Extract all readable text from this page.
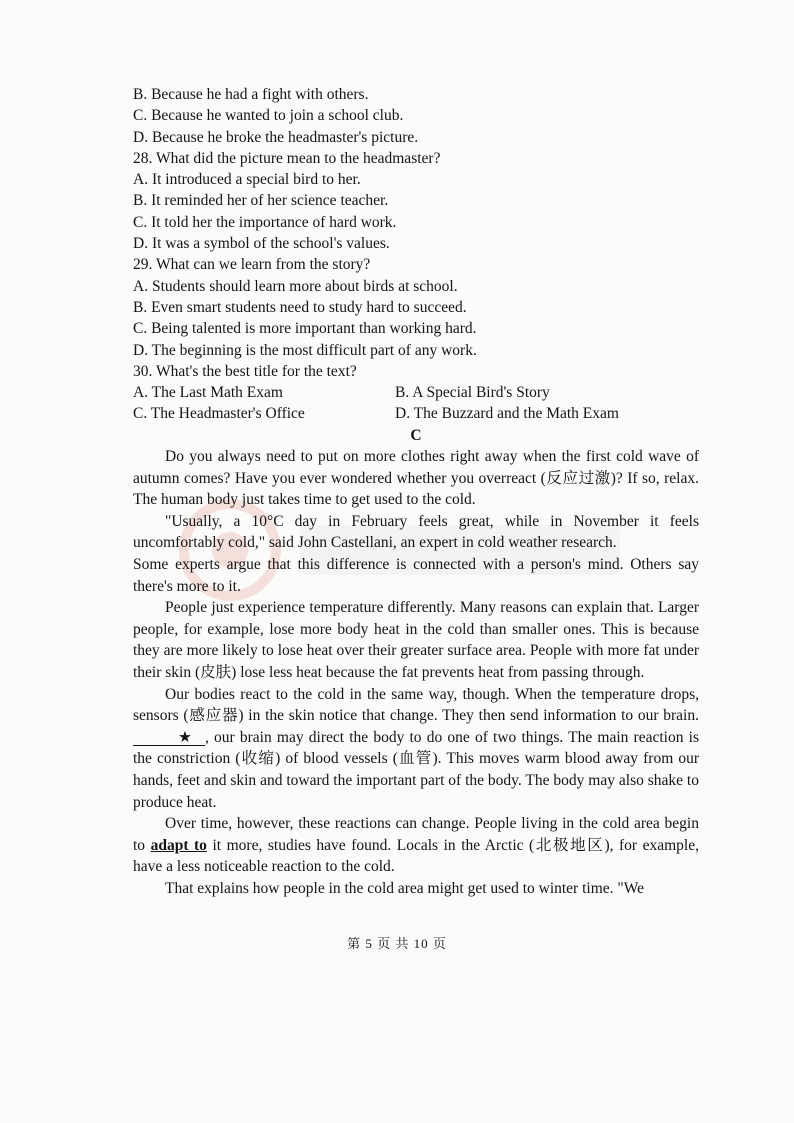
B. Because he had a fight with others.
C. Because he wanted to join a school club.
D. Because he broke the headmaster's picture.
28. What did the picture mean to the headmaster?
A. It introduced a special bird to her.
B. It reminded her of her science teacher.
C. It told her the importance of hard work.
D. It was a symbol of the school's values.
29. What can we learn from the story?
A. Students should learn more about birds at school.
B. Even smart students need to study hard to succeed.
C. Being talented is more important than working hard.
D. The beginning is the most difficult part of any work.
30. What's the best title for the text?
A. The Last Math Exam	B. A Special Bird's Story
C. The Headmaster's Office	D. The Buzzard and the Math Exam
C

Do you always need to put on more clothes right away when the first cold wave of autumn comes? Have you ever wondered whether you overreact (反应过激)? If so, relax. The human body just takes time to get used to the cold.

"Usually, a 10°C day in February feels great, while in November it feels uncomfortably cold," said John Castellani, an expert in cold weather research.

Some experts argue that this difference is connected with a person's mind. Others say there's more to it.

People just experience temperature differently. Many reasons can explain that. Larger people, for example, lose more body heat in the cold than smaller ones. This is because they are more likely to lose heat over their greater surface area. People with more fat under their skin (皮肤) lose less heat because the fat prevents heat from passing through.

Our bodies react to the cold in the same way, though. When the temperature drops, sensors (感应器) in the skin notice that change. They then send information to our brain.★ , our brain may direct the body to do one of two things. The main reaction is the constriction (收缩) of blood vessels (血管). This moves warm blood away from our hands, feet and skin and toward the important part of the body. The body may also shake to produce heat.

Over time, however, these reactions can change. People living in the cold area begin to adapt to it more, studies have found. Locals in the Arctic (北极地区), for example, have a less noticeable reaction to the cold.

That explains how people in the cold area might get used to winter time. "We

第 5 页 共 10 页
